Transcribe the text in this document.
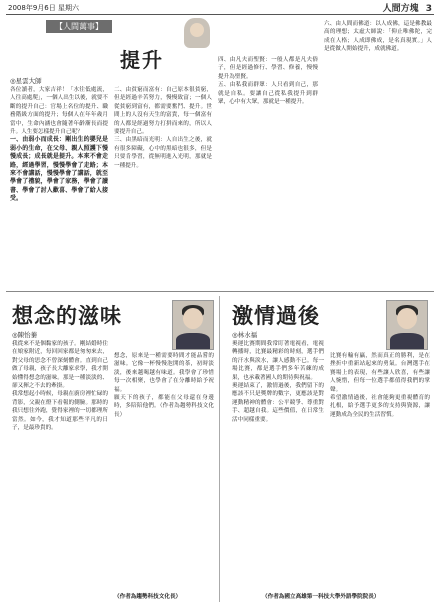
2008年9月6日 星期六	人間方塊 3
【人間萬事】
提升
◎星雲大師
各位讀者，大家吉祥！「水往低處流，人往高處爬」，一個人出生以後，就要不斷的提升自己：官場上名位的提升、職務階級方面的提升；每個人在年年歲月當中，生命內涵也會隨著年齡漸長而提升。人生要怎樣提升自己呢？
一、由弱小而成長：剛出生的嬰兒是弱小的生命，在父母、親人照護下慢慢成長；成長就是提升。本來不會走路，經過學習，慢慢學會了走路；本來不會講話，慢慢學會了講話，就至學會了禮貌，學會了家務，學會了讀書、學會了討人歡喜、學會了給人接受。
二、由貧窮而富有：自己原本很貧窮，但是經過辛苦努力，慢慢致富；一個人從貧窮到富有，都需要奮鬥、提升。世間上的人沒有天生的富貴，每一個富有的人都是經過努力打拼而來的，所以人要提升自己。
三、由黑暗而光明：人自出生之後，就有很多障礙，心中的黑暗也很多，但是只要肯學習，從無明進入光明，那就是一種提升。
四、由凡夫而聖賢：一般人都是凡夫俗子，但是經過修行、學習、修養，慢慢提升為聖賢。
五、由私我而群眾：人只看到自己，那就是自私。要讓自己從私我提升到群眾，心中有大眾，那就是一種提升。
六、由人間而佛道：以人成佛，這是佛教最高的理想；太虛大師說：「仰止唯佛陀，完成在人格；人成即佛成，是名真現實。」人是從做人開始提升，成就佛道。
想念的滋味
◎陳怡蓁
我從來不是個黏家的孩子。剛結婚時住在娘家附近，每回回家都是匆匆來去，對父母的思念不曾深刻體會。直到自己做了母親，孩子長大離家求學，我才開始懂得想念的滋味。那是一種淡淡的、卻又揮之不去的牽掛。
我常想起小時候，母親在廚房裡忙碌的背影，父親在燈下看報的側臉。那時的我只想往外跑，覺得家裡的一切都理所當然。如今，我才知道那些平凡的日子，是最珍貴的。
想念，原來是一種需要時間才能品嘗的滋味。它像一杯慢慢泡開的茶，初時淡淡，後來越喝越有味道。我學會了珍惜每一次相聚，也學會了在分離時給予祝福。
願天下的孩子，都能在父母還在身邊時，多陪陪他們。（作者為趨勢科技文化長）
（作者為趨勢科技文化長）
激情過後
◎林水福
奧運比賽期間我常盯著電視看，電視轉播時，比賽最精彩的時刻，選手們的汗水與淚水，讓人感動不已。每一場比賽，都是選手們多年苦練的成果，也承載著國人的期待與祝福。
奧運結束了，激情過後，我們留下的應該不只是獎牌的數字，更應該是對運動精神的體會：公平競爭、尊重對手、超越自我。這些價值，在日常生活中同樣重要。
比賽有輸有贏，然而真正的勝利，是在挫折中重新站起來的勇氣。台灣選手在賽場上的表現，有些讓人欣喜，有些讓人惋惜，但每一位選手都值得我們的掌聲。
希望激情過後，社會能夠更重視體育的扎根，給予選手更多的支持與資源，讓運動成為全民的生活習慣。
（作者為國立高雄第一科技大學外語學院院長）
